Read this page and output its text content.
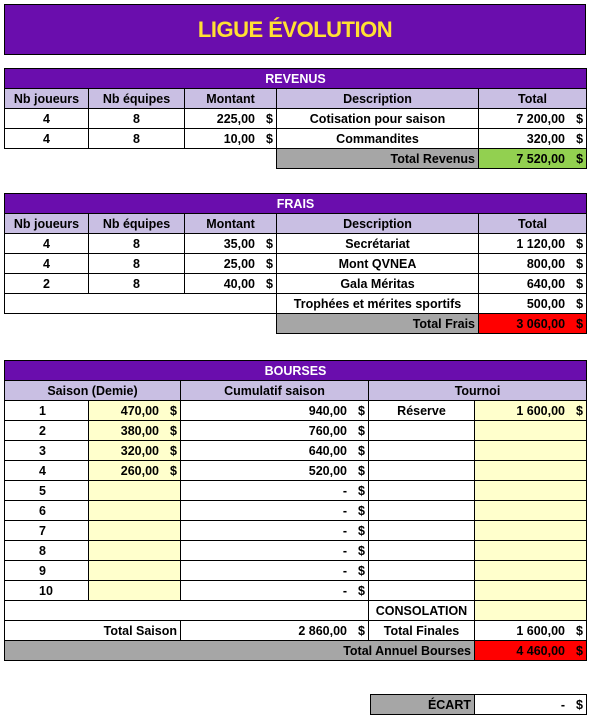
LIGUE ÉVOLUTION
REVENUS				
Nb joueurs	Nb équipes	Montant	Description	Total
4	8	225,00 $	Cotisation pour saison	7 200,00 $

4	8	10,00 $	Commandites	320,00 $

			Total Revenus	7 520,00 $
FRAIS				
Nb joueurs	Nb équipes	Montant	Description	Total
4	8	35,00 $	Secrétariat	1 120,00 $

4	8	25,00 $	Mont QVNEA	800,00 $

2	8	40,00 $	Gala Méritas	640,00 $

			Trophées et mérites sportifs	500,00 $

			Total Frais	3 060,00 $
BOURSES				
Saison (Demie)		Cumulatif saison	Tournoi	
1	470,00 $	940,00 $	Réserve	1 600,00 $

2	380,00 $	760,00 $		

3	320,00 $	640,00 $		

4	260,00 $	520,00 $		

5		- $		

6		- $		

7		- $		

8		- $		

9		- $		

10		- $		

			CONSOLATION	
Total Saison		2 860,00 $	Total Finales	1 600,00 $

Total Annuel Bourses				4 460,00 $
ÉCART	- $
